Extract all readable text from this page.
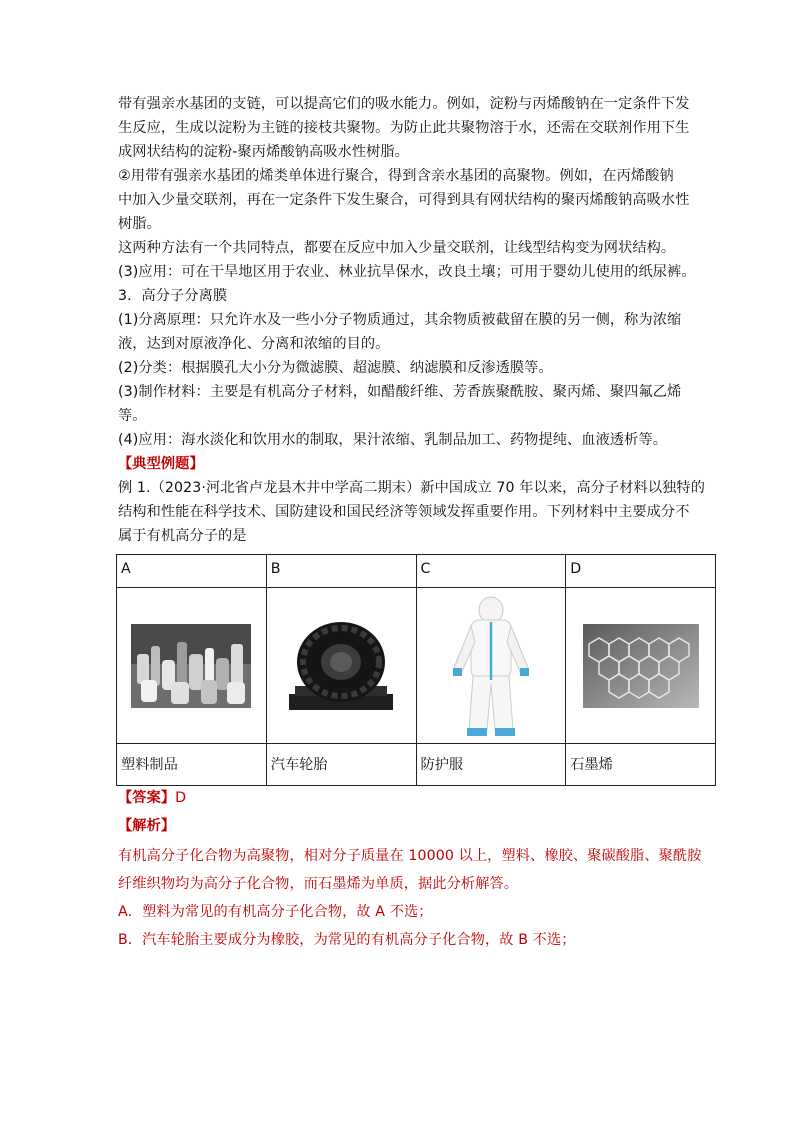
带有强亲水基团的支链，可以提高它们的吸水能力。例如，淀粉与丙烯酸钠在一定条件下发
生反应，生成以淀粉为主链的接枝共聚物。为防止此共聚物溶于水，还需在交联剂作用下生
成网状结构的淀粉-聚丙烯酸钠高吸水性树脂。
②用带有强亲水基团的烯类单体进行聚合，得到含亲水基团的高聚物。例如，在丙烯酸钠
中加入少量交联剂，再在一定条件下发生聚合，可得到具有网状结构的聚丙烯酸钠高吸水性
树脂。
这两种方法有一个共同特点，都要在反应中加入少量交联剂，让线型结构变为网状结构。
(3)应用：可在干旱地区用于农业、林业抗旱保水，改良土壤；可用于婴幼儿使用的纸尿裤。
3．高分子分离膜
(1)分离原理：只允许水及一些小分子物质通过，其余物质被截留在膜的另一侧，称为浓缩
液，达到对原液净化、分离和浓缩的目的。
(2)分类：根据膜孔大小分为微滤膜、超滤膜、纳滤膜和反渗透膜等。
(3)制作材料：主要是有机高分子材料，如醋酸纤维、芳香族聚酰胺、聚丙烯、聚四氟乙烯
等。
(4)应用：海水淡化和饮用水的制取，果汁浓缩、乳制品加工、药物提纯、血液透析等。
【典型例题】
例 1.（2023·河北省卢龙县木井中学高二期末）新中国成立 70 年以来，高分子材料以独特的
结构和性能在科学技术、国防建设和国民经济等领域发挥重要作用。下列材料中主要成分不
属于有机高分子的是
A	B	C	D

塑料制品	汽车轮胎	防护服	石墨烯
【答案】D
【解析】
有机高分子化合物为高聚物，相对分子质量在 10000 以上，塑料、橡胶、聚碳酸脂、聚酰胺
纤维织物均为高分子化合物，而石墨烯为单质，据此分析解答。
A．塑料为常见的有机高分子化合物，故 A 不选；
B．汽车轮胎主要成分为橡胶，为常见的有机高分子化合物，故 B 不选；
